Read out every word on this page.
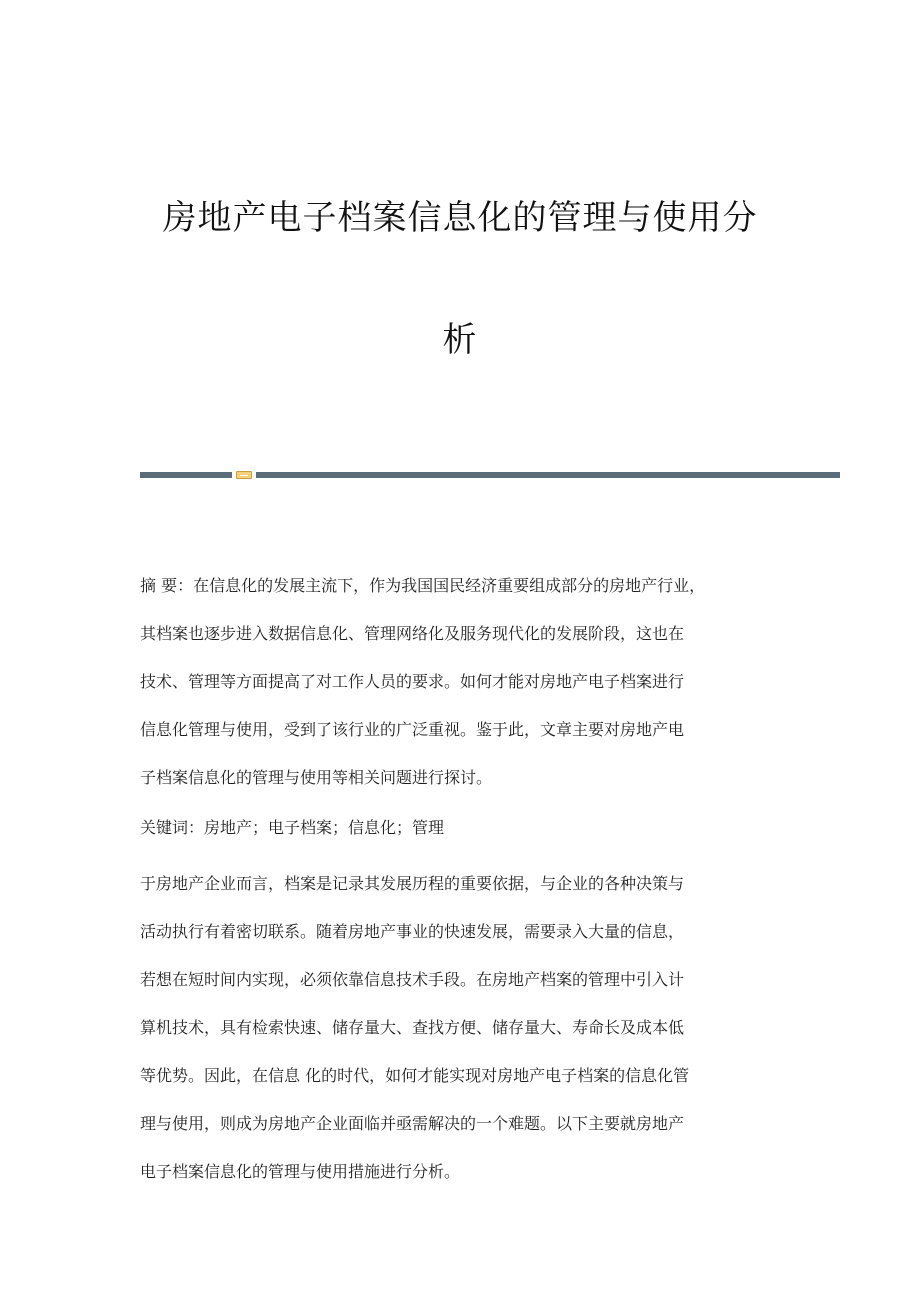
房地产电子档案信息化的管理与使用分
析
摘 要：在信息化的发展主流下，作为我国国民经济重要组成部分的房地产行业，
其档案也逐步进入数据信息化、管理网络化及服务现代化的发展阶段，这也在
技术、管理等方面提高了对工作人员的要求。如何才能对房地产电子档案进行
信息化管理与使用，受到了该行业的广泛重视。鉴于此，文章主要对房地产电
子档案信息化的管理与使用等相关问题进行探讨。
关键词：房地产；电子档案；信息化；管理
于房地产企业而言，档案是记录其发展历程的重要依据，与企业的各种决策与
活动执行有着密切联系。随着房地产事业的快速发展，需要录入大量的信息，
若想在短时间内实现，必须依靠信息技术手段。在房地产档案的管理中引入计
算机技术，具有检索快速、储存量大、查找方便、储存量大、寿命长及成本低
等优势。因此，在信息 化的时代，如何才能实现对房地产电子档案的信息化管
理与使用，则成为房地产企业面临并亟需解决的一个难题。以下主要就房地产
电子档案信息化的管理与使用措施进行分析。
